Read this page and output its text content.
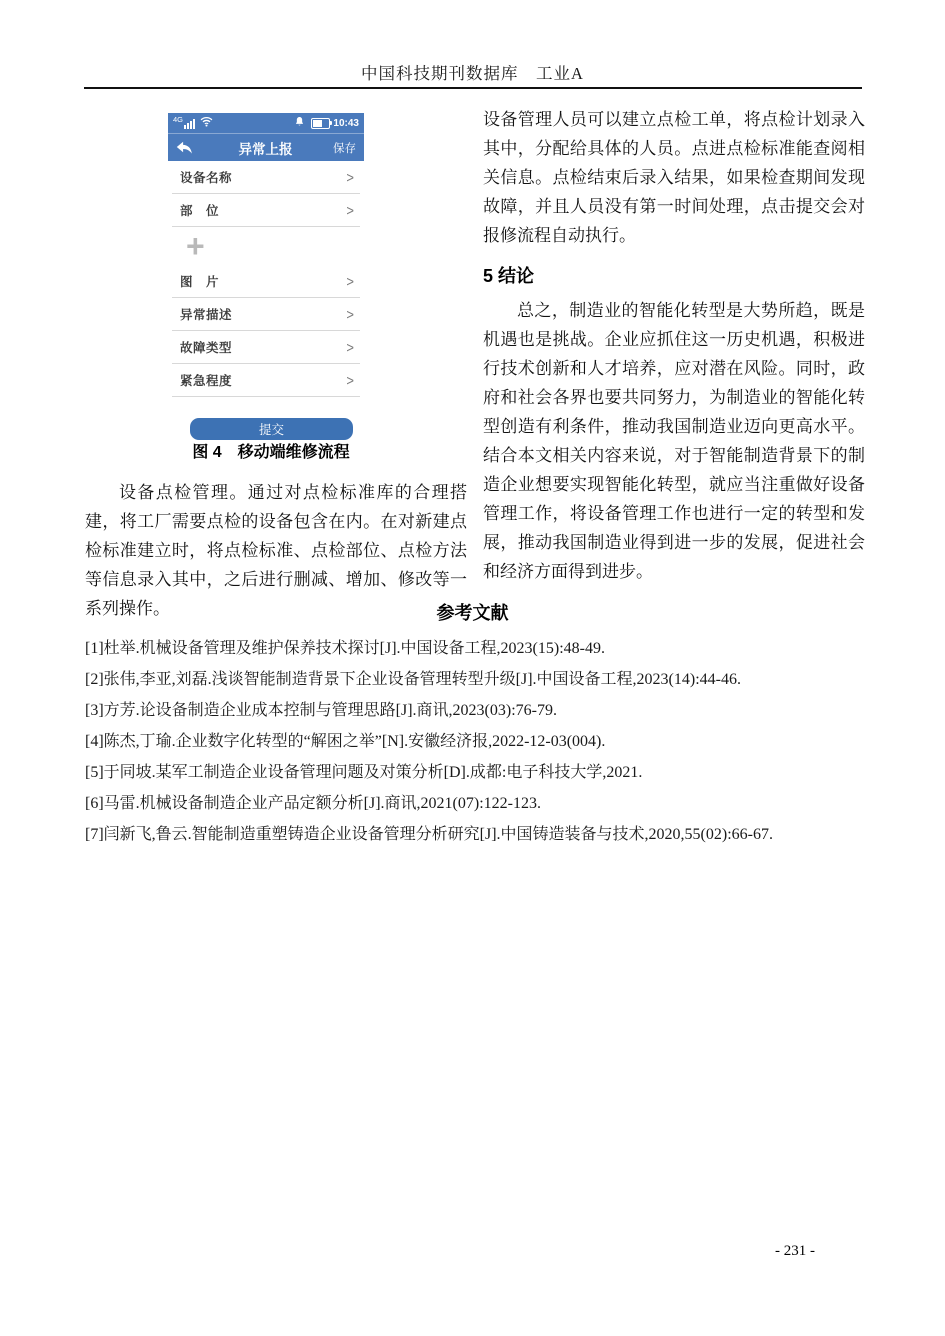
中国科技期刊数据库　工业A
4G	10:43
异常上报	保存
设备名称	>
部　位	>
+
图　片	>
异常描述	>
故障类型	>
紧急程度	>
提交
图 4　移动端维修流程

设备点检管理。通过对点检标准库的合理搭建，将工厂需要点检的设备包含在内。在对新建点检标准建立时，将点检标准、点检部位、点检方法等信息录入其中，之后进行删减、增加、修改等一系列操作。

设备管理人员可以建立点检工单，将点检计划录入其中，分配给具体的人员。点进点检标准能查阅相关信息。点检结束后录入结果，如果检查期间发现故障，并且人员没有第一时间处理，点击提交会对报修流程自动执行。

5 结论

总之，制造业的智能化转型是大势所趋，既是机遇也是挑战。企业应抓住这一历史机遇，积极进行技术创新和人才培养，应对潜在风险。同时，政府和社会各界也要共同努力，为制造业的智能化转型创造有利条件，推动我国制造业迈向更高水平。结合本文相关内容来说，对于智能制造背景下的制造企业想要实现智能化转型，就应当注重做好设备管理工作，将设备管理工作也进行一定的转型和发展，推动我国制造业得到进一步的发展，促进社会和经济方面得到进步。

参考文献
[1]杜举.机械设备管理及维护保养技术探讨[J].中国设备工程,2023(15):48-49.
[2]张伟,李亚,刘磊.浅谈智能制造背景下企业设备管理转型升级[J].中国设备工程,2023(14):44-46.
[3]方芳.论设备制造企业成本控制与管理思路[J].商讯,2023(03):76-79.
[4]陈杰,丁瑜.企业数字化转型的“解困之举”[N].安徽经济报,2022-12-03(004).
[5]于同坡.某军工制造企业设备管理问题及对策分析[D].成都:电子科技大学,2021.
[6]马雷.机械设备制造企业产品定额分析[J].商讯,2021(07):122-123.
[7]闫新飞,鲁云.智能制造重塑铸造企业设备管理分析研究[J].中国铸造装备与技术,2020,55(02):66-67.
- 231 -
